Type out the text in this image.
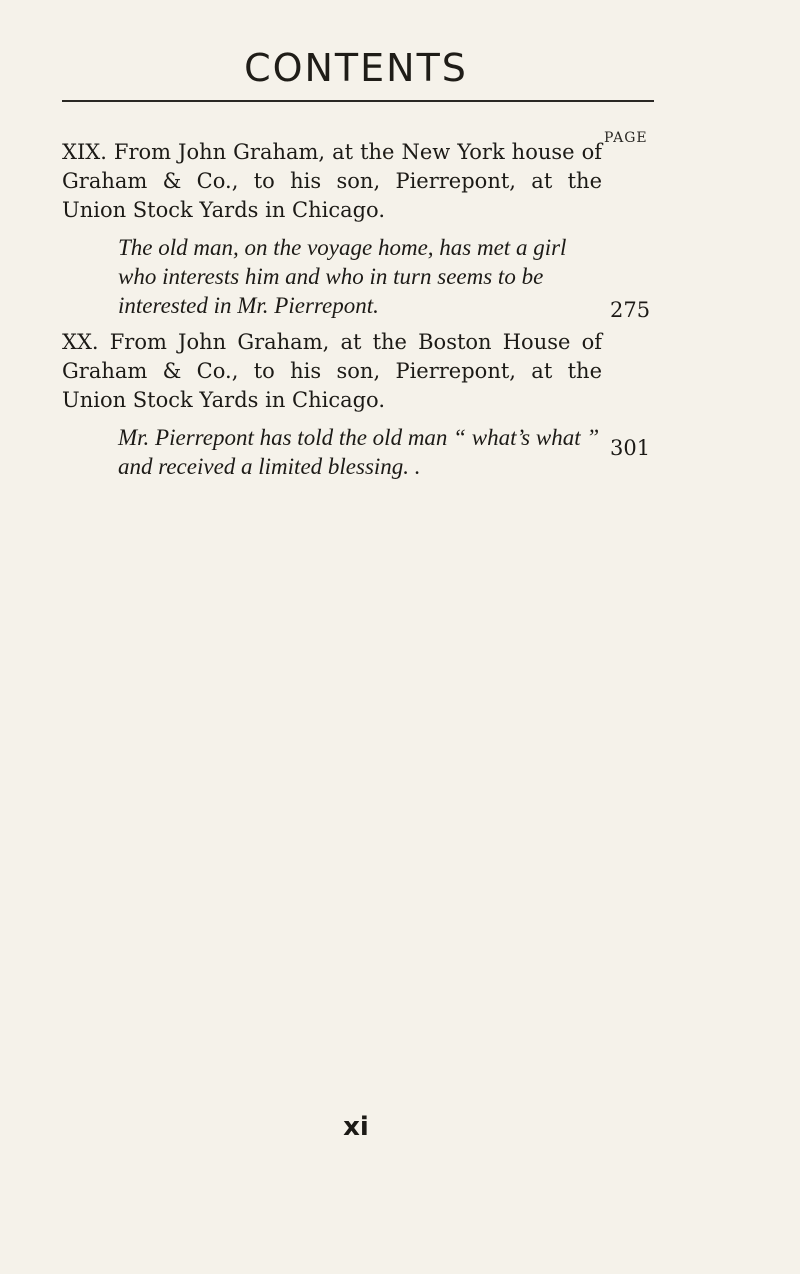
CONTENTS
PAGE

XIX. From John Graham, at the New York house of Graham & Co., to his son, Pierrepont, at the Union Stock Yards in Chicago.

The old man, on the voyage home, has met a girl who interests him and who in turn seems to be interested in Mr. Pierrepont.	275

XX. From John Graham, at the Boston House of Graham & Co., to his son, Pierrepont, at the Union Stock Yards in Chicago.

Mr. Pierrepont has told the old man “ what’s what ” and received a limited blessing. .

301
xi
